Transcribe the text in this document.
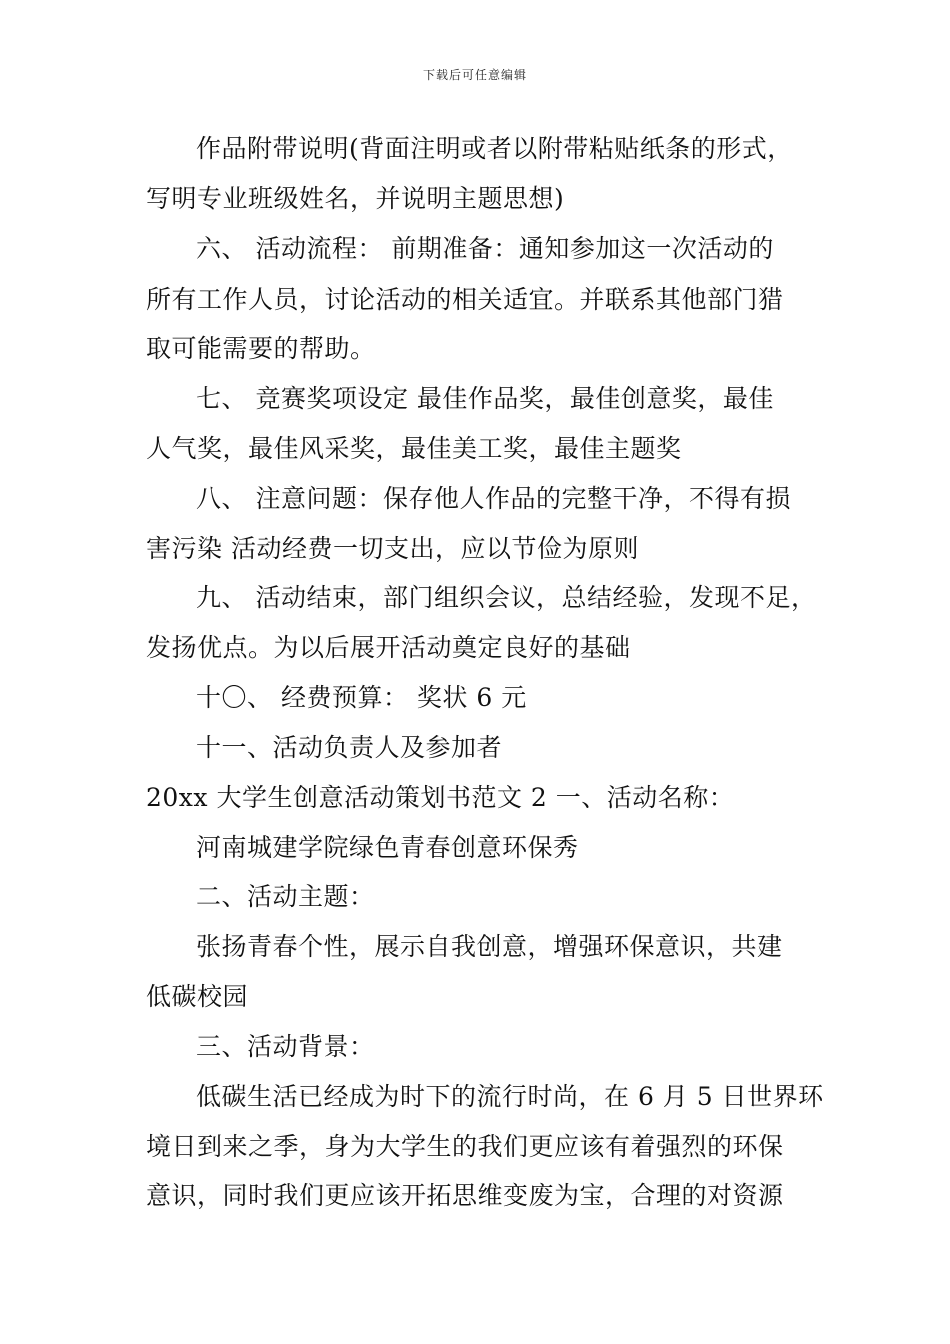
下载后可任意编辑
作品附带说明(背面注明或者以附带粘贴纸条的形式，
写明专业班级姓名，并说明主题思想)
六、 活动流程： 前期准备：通知参加这一次活动的
所有工作人员，讨论活动的相关适宜。并联系其他部门猎
取可能需要的帮助。
七、 竞赛奖项设定 最佳作品奖，最佳创意奖，最佳
人气奖，最佳风采奖，最佳美工奖，最佳主题奖
八、 注意问题：保存他人作品的完整干净，不得有损
害污染 活动经费一切支出，应以节俭为原则
九、 活动结束，部门组织会议，总结经验，发现不足，
发扬优点。为以后展开活动奠定良好的基础
十〇、 经费预算： 奖状 6 元
十一、活动负责人及参加者
20xx 大学生创意活动策划书范文 2 一、活动名称：
河南城建学院绿色青春创意环保秀
二、活动主题：
张扬青春个性，展示自我创意，增强环保意识，共建
低碳校园
三、活动背景：
低碳生活已经成为时下的流行时尚，在 6 月 5 日世界环
境日到来之季，身为大学生的我们更应该有着强烈的环保
意识，同时我们更应该开拓思维变废为宝，合理的对资源
